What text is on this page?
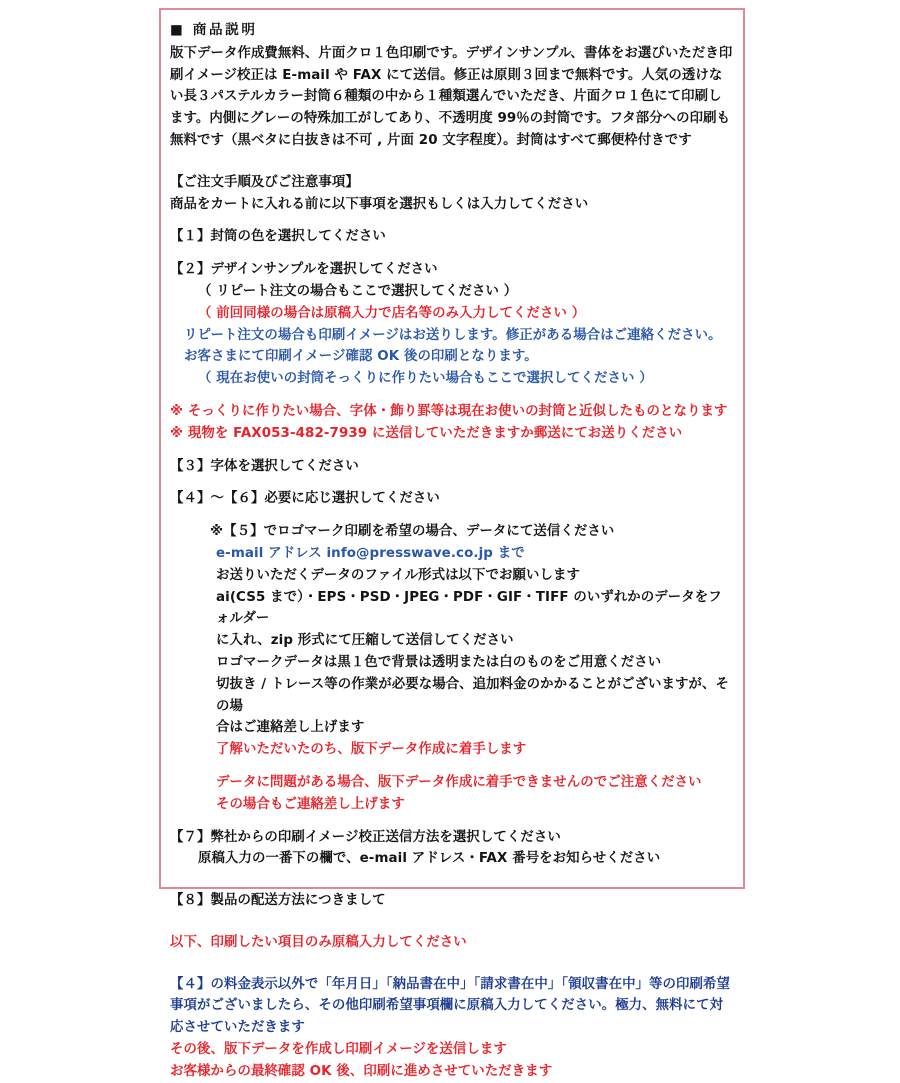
■ 商品説明
版下データ作成費無料、片面クロ１色印刷です。デザインサンプル、書体をお選びいただき印刷イメージ校正は E-mail や FAX にて送信。修正は原則３回まで無料です。人気の透けない長３パステルカラー封筒６種類の中から１種類選んでいただき、片面クロ１色にて印刷します。内側にグレーの特殊加工がしてあり、不透明度 99％の封筒です。フタ部分への印刷も無料です（黒ベタに白抜きは不可 , 片面 20 文字程度）。封筒はすべて郵便枠付きです
【ご注文手順及びご注意事項】
商品をカートに入れる前に以下事項を選択もしくは入力してください
【１】封筒の色を選択してください
【２】デザインサンプルを選択してください
（ リピート注文の場合もここで選択してください ）
（ 前回同様の場合は原稿入力で店名等のみ入力してください ）
リピート注文の場合も印刷イメージはお送りします。修正がある場合はご連絡ください。
お客さまにて印刷イメージ確認 OK 後の印刷となります。
（ 現在お使いの封筒そっくりに作りたい場合もここで選択してください ）
※ そっくりに作りたい場合、字体・飾り罫等は現在お使いの封筒と近似したものとなります
※ 現物を FAX053-482-7939 に送信していただきますか郵送にてお送りください
【３】字体を選択してください
【４】～【６】必要に応じ選択してください
※【５】でロゴマーク印刷を希望の場合、データにて送信ください
e-mail アドレス info@presswave.co.jp まで
お送りいただくデータのファイル形式は以下でお願いします
ai(CS5 まで）・EPS・PSD・JPEG・PDF・GIF・TIFF のいずれかのデータをフォルダー
に入れ、zip 形式にて圧縮して送信してください
ロゴマークデータは黒１色で背景は透明または白のものをご用意ください
切抜き / トレース等の作業が必要な場合、追加料金のかかることがございますが、その場
合はご連絡差し上げます
了解いただいたのち、版下データ作成に着手します
データに問題がある場合、版下データ作成に着手できませんのでご注意ください
その場合もご連絡差し上げます
【７】弊社からの印刷イメージ校正送信方法を選択してください
原稿入力の一番下の欄で、e-mail アドレス・FAX 番号をお知らせください
【８】製品の配送方法につきまして
以下、印刷したい項目のみ原稿入力してください
【４】の料金表示以外で「年月日」「納品書在中」「請求書在中」「領収書在中」等の印刷希望事項がございましたら、その他印刷希望事項欄に原稿入力してください。極力、無料にて対応させていただきます
その後、版下データを作成し印刷イメージを送信します
お客様からの最終確認 OK 後、印刷に進めさせていただきます
